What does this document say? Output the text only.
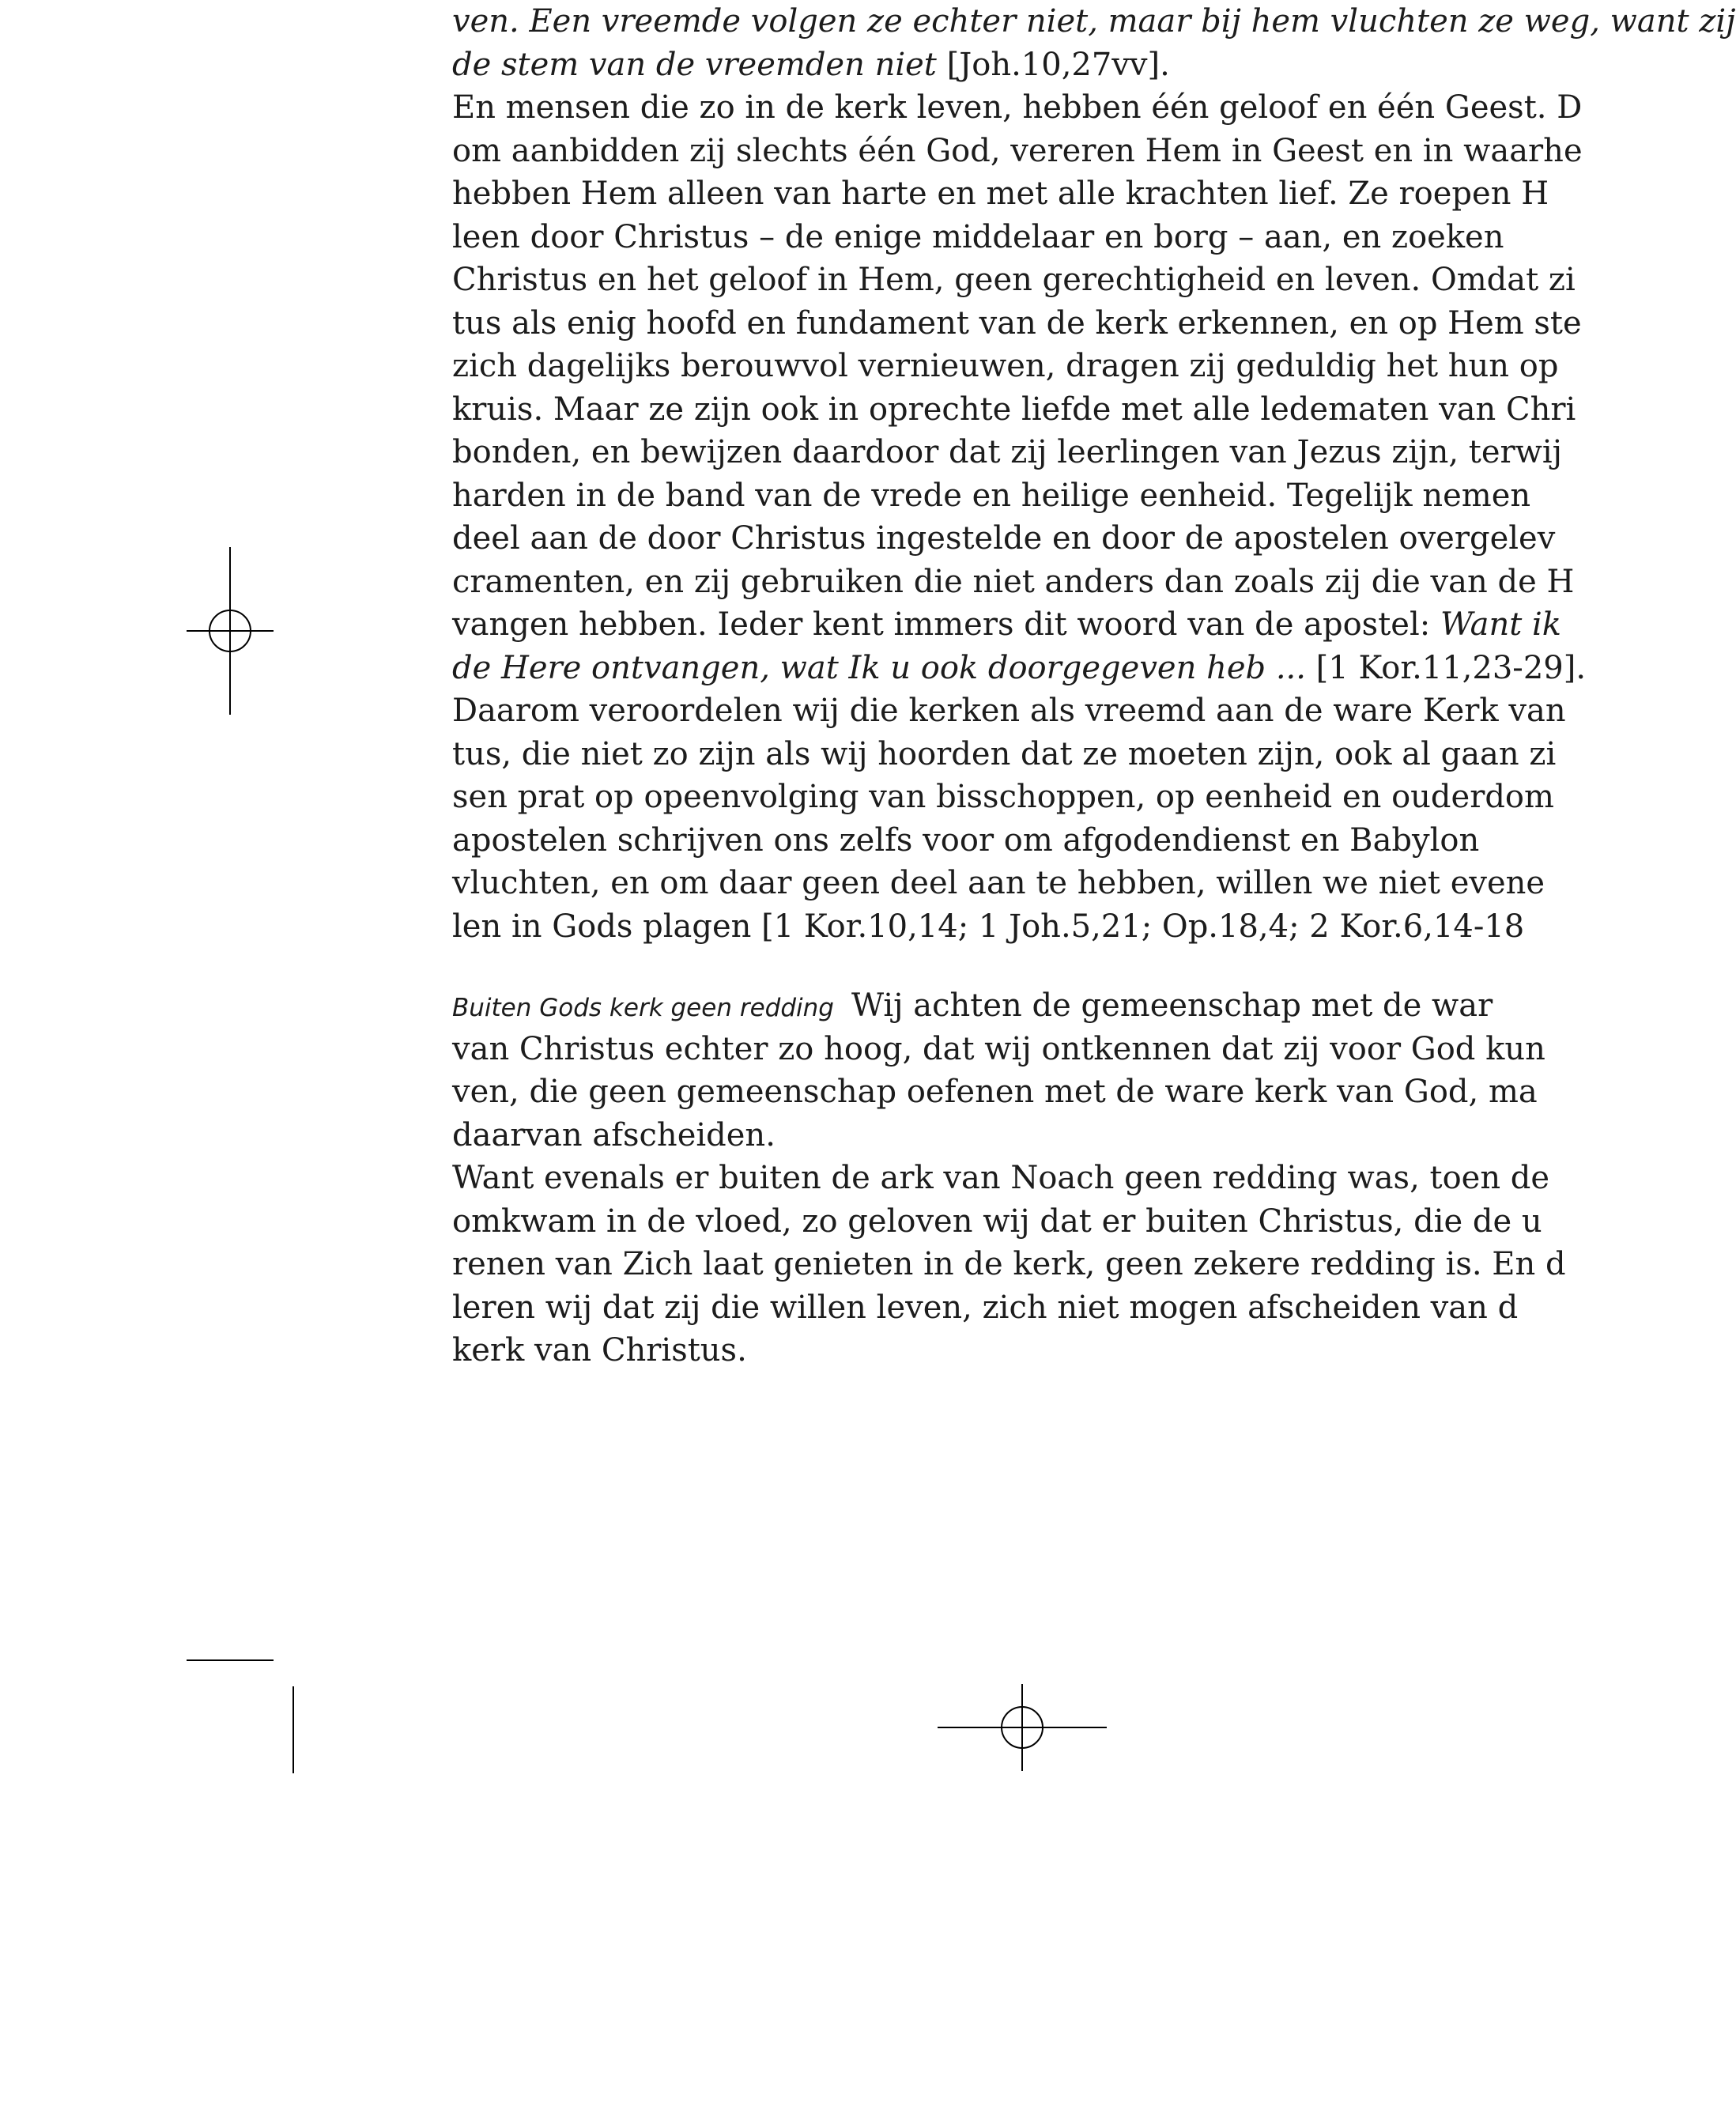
ven. Een vreemde volgen ze echter niet, maar bij hem vluchten ze weg, want zij
de stem van de vreemden niet [Joh.10,27vv].
En mensen die zo in de kerk leven, hebben één geloof en één Geest. D
om aanbidden zij slechts één God, vereren Hem in Geest en in waarhe
hebben Hem alleen van harte en met alle krachten lief. Ze roepen H
leen door Christus – de enige middelaar en borg – aan, en zoeken
Christus en het geloof in Hem, geen gerechtigheid en leven. Omdat zi
tus als enig hoofd en fundament van de kerk erkennen, en op Hem ste
zich dagelijks berouwvol vernieuwen, dragen zij geduldig het hun op
kruis. Maar ze zijn ook in oprechte liefde met alle ledematen van Chri
bonden, en bewijzen daardoor dat zij leerlingen van Jezus zijn, terwij
harden in de band van de vrede en heilige eenheid. Tegelijk nemen
deel aan de door Christus ingestelde en door de apostelen overgelev
cramenten, en zij gebruiken die niet anders dan zoals zij die van de H
vangen hebben. Ieder kent immers dit woord van de apostel: Want ik
de Here ontvangen, wat Ik u ook doorgegeven heb ... [1 Kor.11,23-29].
Daarom veroordelen wij die kerken als vreemd aan de ware Kerk van
tus, die niet zo zijn als wij hoorden dat ze moeten zijn, ook al gaan zi
sen prat op opeenvolging van bisschoppen, op eenheid en ouderdom
apostelen schrijven ons zelfs voor om afgodendienst en Babylon
vluchten, en om daar geen deel aan te hebben, willen we niet evene
len in Gods plagen [1 Kor.10,14; 1 Joh.5,21; Op.18,4; 2 Kor.6,14-18
Buiten Gods kerk geen redding Wij achten de gemeenschap met de war
van Christus echter zo hoog, dat wij ontkennen dat zij voor God kun
ven, die geen gemeenschap oefenen met de ware kerk van God, ma
daarvan afscheiden.
Want evenals er buiten de ark van Noach geen redding was, toen de
omkwam in de vloed, zo geloven wij dat er buiten Christus, die de u
renen van Zich laat genieten in de kerk, geen zekere redding is. En d
leren wij dat zij die willen leven, zich niet mogen afscheiden van d
kerk van Christus.
